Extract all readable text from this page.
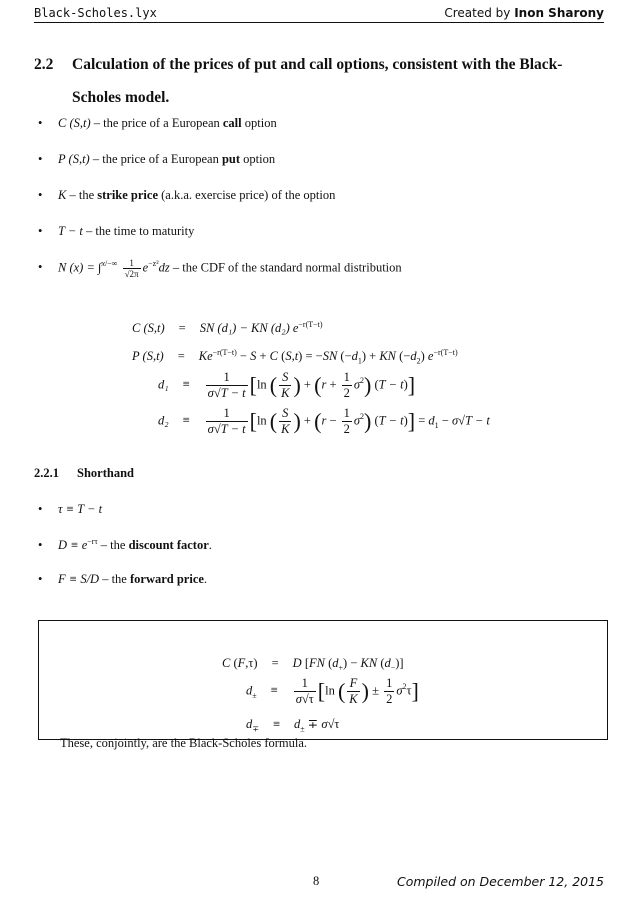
Black-Scholes.lyx	Created by Inon Sharony
2.2 Calculation of the prices of put and call options, consistent with the Black-Scholes model.
• C (S,t) – the price of a European call option
• P (S,t) – the price of a European put option
• K – the strike price (a.k.a. exercise price) of the option
• T − t – the time to maturity
• N $(x) = \int^{x/-\infty} \frac{1}{√2\pi} e^{-z^2}dz$ – the CDF of the standard normal distribution
C (S,t) = SN (d₁) − KN (d₂) $e^{-r(T-t)}$
P $(S,t) = Ke^{-r(T-t)} - S + C$ (S,t) = −SN $(-d_1)$ + KN $(-d_2)$ $e^{-r(T-t)}$
$d_1 \equiv \frac{1}{\sigma√T - t} [\ln$ ( $\frac{S}{K}$ ) + $(r + \frac{1}{2} \sigma^2)$ (T − t)]
$d_2 \equiv \frac{1}{\sigma√T - t} [\ln$ ( $\frac{S}{K}$ ) + $(r - \frac{1}{2} \sigma^2)$ $(T - t)] = d_1 - \sigma√T - t$
2.2.1 Shorthand
• τ ≡ T − t
• $D \equiv e^{-r\tau}$ – the discount factor.
• F ≡ S/D – the forward price.
C (F,τ) = D [FN $(d_+)$ − KN $(d_-)$]
$d_\pm \equiv \frac{1}{\sigma√\tau} [\ln$ ( $\frac{F}{K}$ ) ± $\frac{1}{2} \sigma^2\tau$]
$d_\mp \equiv d_\pm \mp \sigma√\tau$
These, conjointly, are the Black-Scholes formula.
8	Compiled on December 12, 2015
